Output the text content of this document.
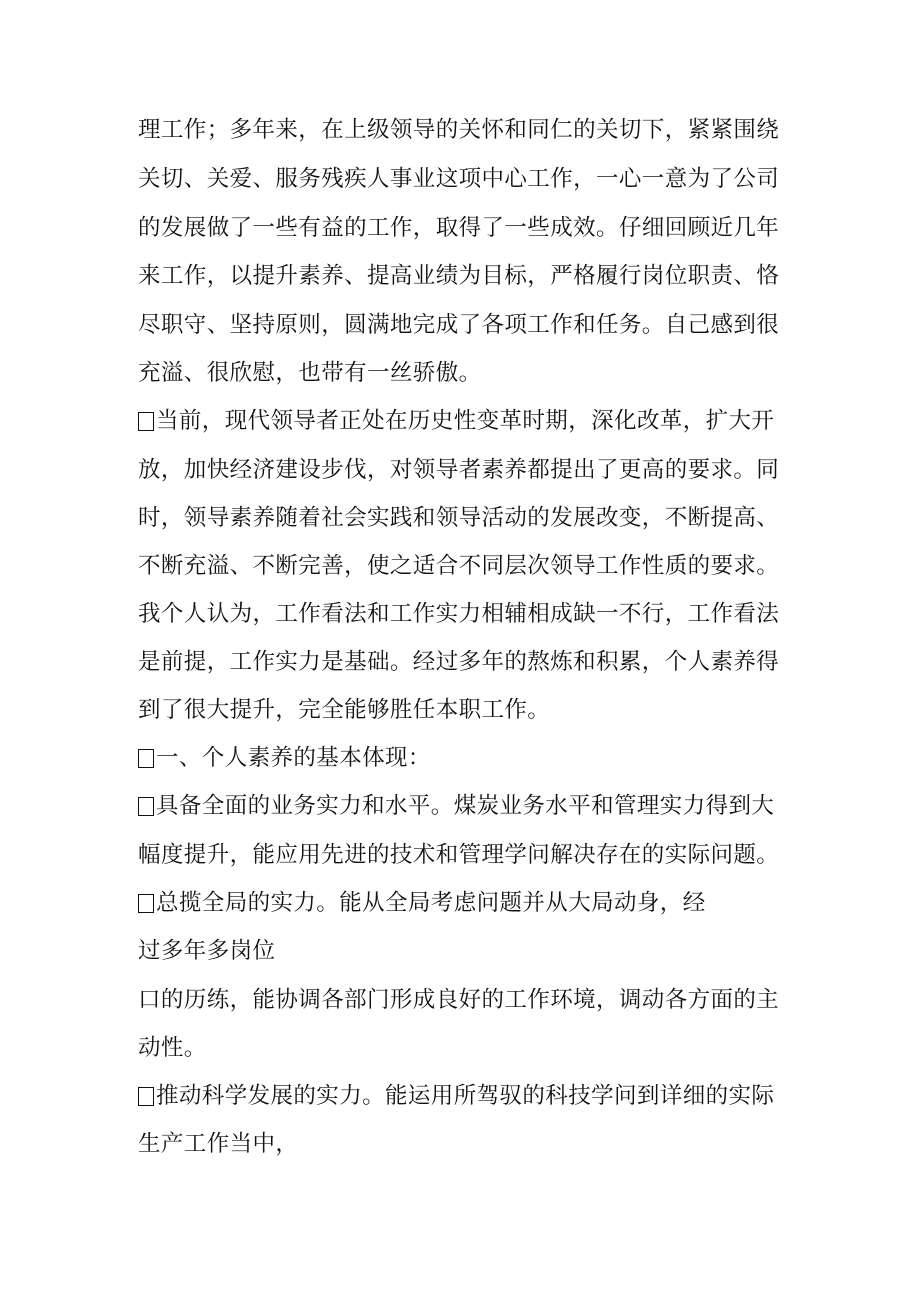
理工作；多年来，在上级领导的关怀和同仁的关切下，紧紧围绕
关切、关爱、服务残疾人事业这项中心工作，一心一意为了公司
的发展做了一些有益的工作，取得了一些成效。仔细回顾近几年
来工作，以提升素养、提高业绩为目标，严格履行岗位职责、恪
尽职守、坚持原则，圆满地完成了各项工作和任务。自己感到很
充溢、很欣慰，也带有一丝骄傲。
当前，现代领导者正处在历史性变革时期，深化改革，扩大开
放，加快经济建设步伐，对领导者素养都提出了更高的要求。同
时，领导素养随着社会实践和领导活动的发展改变，不断提高、
不断充溢、不断完善，使之适合不同层次领导工作性质的要求。
我个人认为，工作看法和工作实力相辅相成缺一不行，工作看法
是前提，工作实力是基础。经过多年的熬炼和积累，个人素养得
到了很大提升，完全能够胜任本职工作。
一、个人素养的基本体现：
具备全面的业务实力和水平。煤炭业务水平和管理实力得到大
幅度提升，能应用先进的技术和管理学问解决存在的实际问题。
总揽全局的实力。能从全局考虑问题并从大局动身，经
过多年多岗位
口的历练，能协调各部门形成良好的工作环境，调动各方面的主
动性。
推动科学发展的实力。能运用所驾驭的科技学问到详细的实际
生产工作当中，
